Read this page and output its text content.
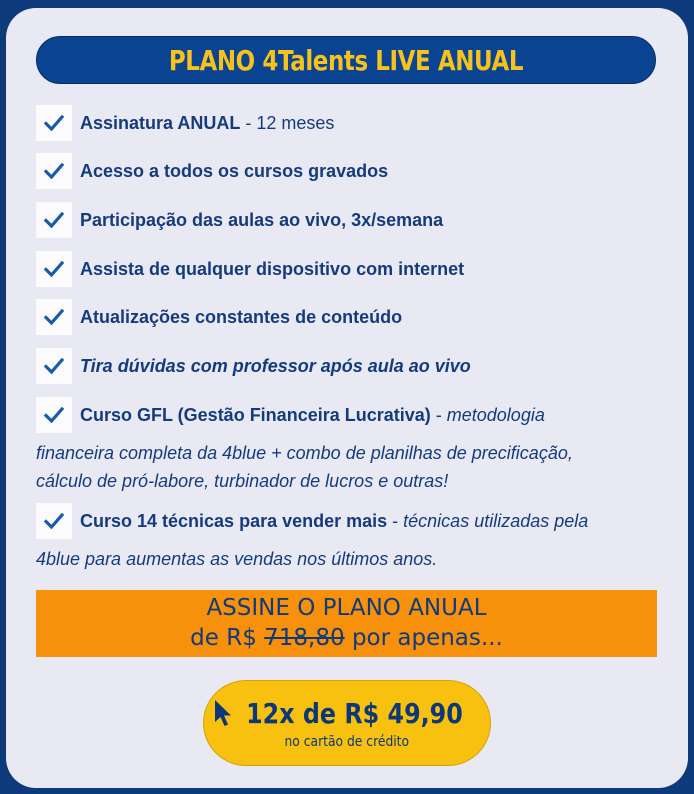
PLANO 4Talents LIVE ANUAL
Assinatura ANUAL - 12 meses
Acesso a todos os cursos gravados
Participação das aulas ao vivo, 3x/semana
Assista de qualquer dispositivo com internet
Atualizações constantes de conteúdo
Tira dúvidas com professor após aula ao vivo
Curso GFL (Gestão Financeira Lucrativa) - metodologia
financeira completa da 4blue + combo de planilhas de precificação,
cálculo de pró-labore, turbinador de lucros e outras!
Curso 14 técnicas para vender mais - técnicas utilizadas pela
4blue para aumentas as vendas nos últimos anos.
ASSINE O PLANO ANUAL
de R$ 718,80 por apenas...
12x de R$ 49,90
no cartão de crédito
